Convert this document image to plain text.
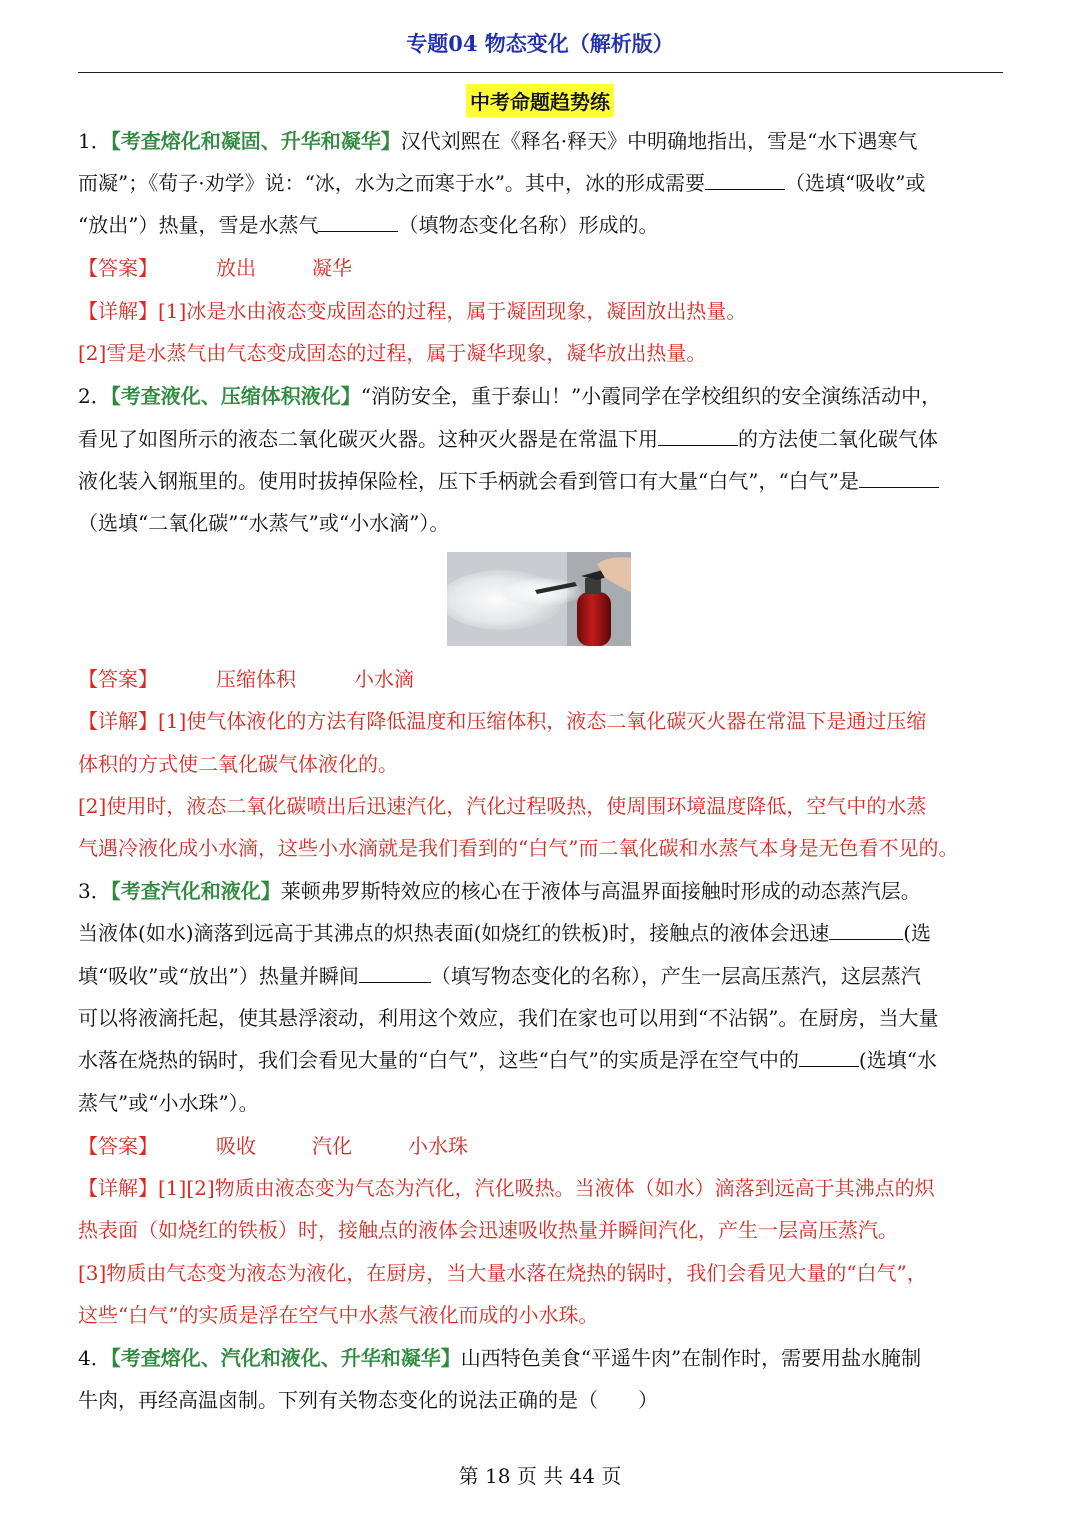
专题04 物态变化（解析版）
中考命题趋势练
1．【考查熔化和凝固、升华和凝华】汉代刘熙在《释名·释天》中明确地指出，雪是“水下遇寒气
而凝”；《荀子·劝学》说：“冰，水为之而寒于水”。其中，冰的形成需要	（选填“吸收”或
“放出”）热量，雪是水蒸气	（填物态变化名称）形成的。
【答案】	放出	凝华
【详解】[1]冰是水由液态变成固态的过程，属于凝固现象，凝固放出热量。
[2]雪是水蒸气由气态变成固态的过程，属于凝华现象，凝华放出热量。
2．【考查液化、压缩体积液化】“消防安全，重于泰山！”小霞同学在学校组织的安全演练活动中，
看见了如图所示的液态二氧化碳灭火器。这种灭火器是在常温下用	的方法使二氧化碳气体
液化装入钢瓶里的。使用时拔掉保险栓，压下手柄就会看到管口有大量“白气”，“白气”是
（选填“二氧化碳”“水蒸气”或“小水滴”）。
【答案】	压缩体积	小水滴
【详解】[1]使气体液化的方法有降低温度和压缩体积，液态二氧化碳灭火器在常温下是通过压缩
体积的方式使二氧化碳气体液化的。
[2]使用时，液态二氧化碳喷出后迅速汽化，汽化过程吸热，使周围环境温度降低，空气中的水蒸
气遇冷液化成小水滴，这些小水滴就是我们看到的“白气”而二氧化碳和水蒸气本身是无色看不见的。
3．【考查汽化和液化】莱顿弗罗斯特效应的核心在于液体与高温界面接触时形成的动态蒸汽层。
当液体(如水)滴落到远高于其沸点的炽热表面(如烧红的铁板)时，接触点的液体会迅速	(选
填“吸收”或“放出”）热量并瞬间	（填写物态变化的名称），产生一层高压蒸汽，这层蒸汽
可以将液滴托起，使其悬浮滚动，利用这个效应，我们在家也可以用到“不沾锅”。在厨房，当大量
水落在烧热的锅时，我们会看见大量的“白气”，这些“白气”的实质是浮在空气中的	(选填“水
蒸气”或“小水珠”）。
【答案】	吸收	汽化	小水珠
【详解】[1][2]物质由液态变为气态为汽化，汽化吸热。当液体（如水）滴落到远高于其沸点的炽
热表面（如烧红的铁板）时，接触点的液体会迅速吸收热量并瞬间汽化，产生一层高压蒸汽。
[3]物质由气态变为液态为液化，在厨房，当大量水落在烧热的锅时，我们会看见大量的“白气”，
这些“白气”的实质是浮在空气中水蒸气液化而成的小水珠。
4．【考查熔化、汽化和液化、升华和凝华】山西特色美食“平遥牛肉”在制作时，需要用盐水腌制
牛肉，再经高温卤制。下列有关物态变化的说法正确的是（　　）
第 18 页 共 44 页
